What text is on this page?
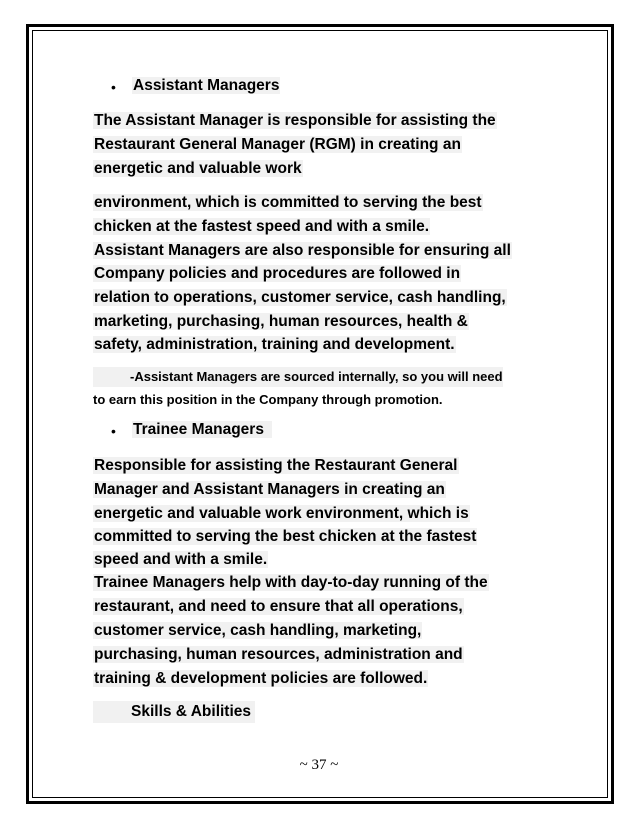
• Assistant Managers
The Assistant Manager is responsible for assisting the
Restaurant General Manager (RGM) in creating an
energetic and valuable work
environment, which is committed to serving the best
chicken at the fastest speed and with a smile.
Assistant Managers are also responsible for ensuring all
Company policies and procedures are followed in
relation to operations, customer service, cash handling,
marketing, purchasing, human resources, health &
safety, administration, training and development.
-Assistant Managers are sourced internally, so you will need
to earn this position in the Company through promotion.
• Trainee Managers
Responsible for assisting the Restaurant General
Manager and Assistant Managers in creating an
energetic and valuable work environment, which is
committed to serving the best chicken at the fastest
speed and with a smile.
Trainee Managers help with day-to-day running of the
restaurant, and need to ensure that all operations,
customer service, cash handling, marketing,
purchasing, human resources, administration and
training & development policies are followed.
Skills & Abilities
~ 37 ~
